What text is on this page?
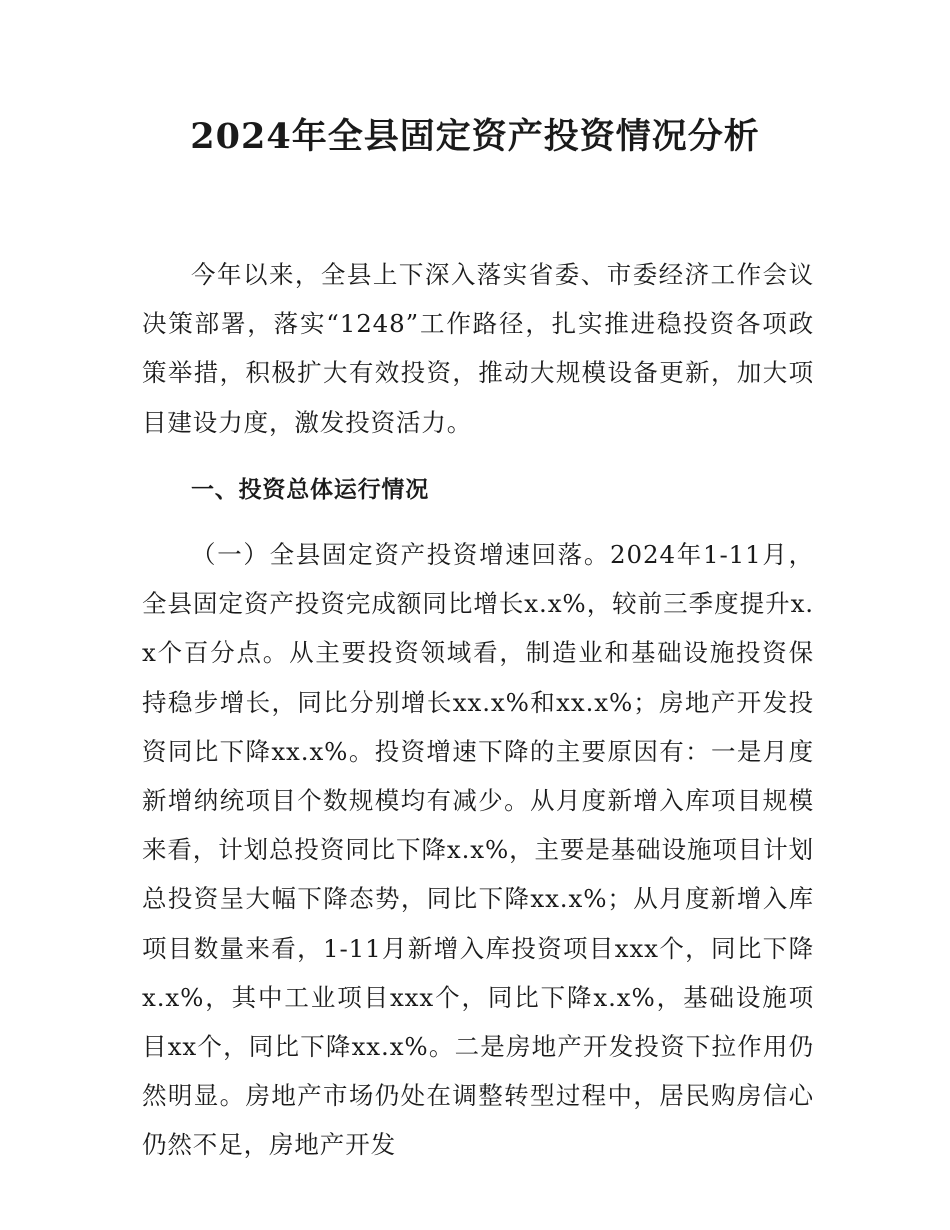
2024年全县固定资产投资情况分析

今年以来，全县上下深入落实省委、市委经济工作会议决策部署，落实“1248”工作路径，扎实推进稳投资各项政策举措，积极扩大有效投资，推动大规模设备更新，加大项目建设力度，激发投资活力。

一、投资总体运行情况

（一）全县固定资产投资增速回落。2024年1-11月，全县固定资产投资完成额同比增长x.x%，较前三季度提升x.x个百分点。从主要投资领域看，制造业和基础设施投资保持稳步增长，同比分别增长xx.x%和xx.x%；房地产开发投资同比下降xx.x%。投资增速下降的主要原因有：一是月度新增纳统项目个数规模均有减少。从月度新增入库项目规模来看，计划总投资同比下降x.x%，主要是基础设施项目计划总投资呈大幅下降态势，同比下降xx.x%；从月度新增入库项目数量来看，1-11月新增入库投资项目xxx个，同比下降x.x%，其中工业项目xxx个，同比下降x.x%，基础设施项目xx个，同比下降xx.x%。二是房地产开发投资下拉作用仍然明显。房地产市场仍处在调整转型过程中，居民购房信心仍然不足，房地产开发
